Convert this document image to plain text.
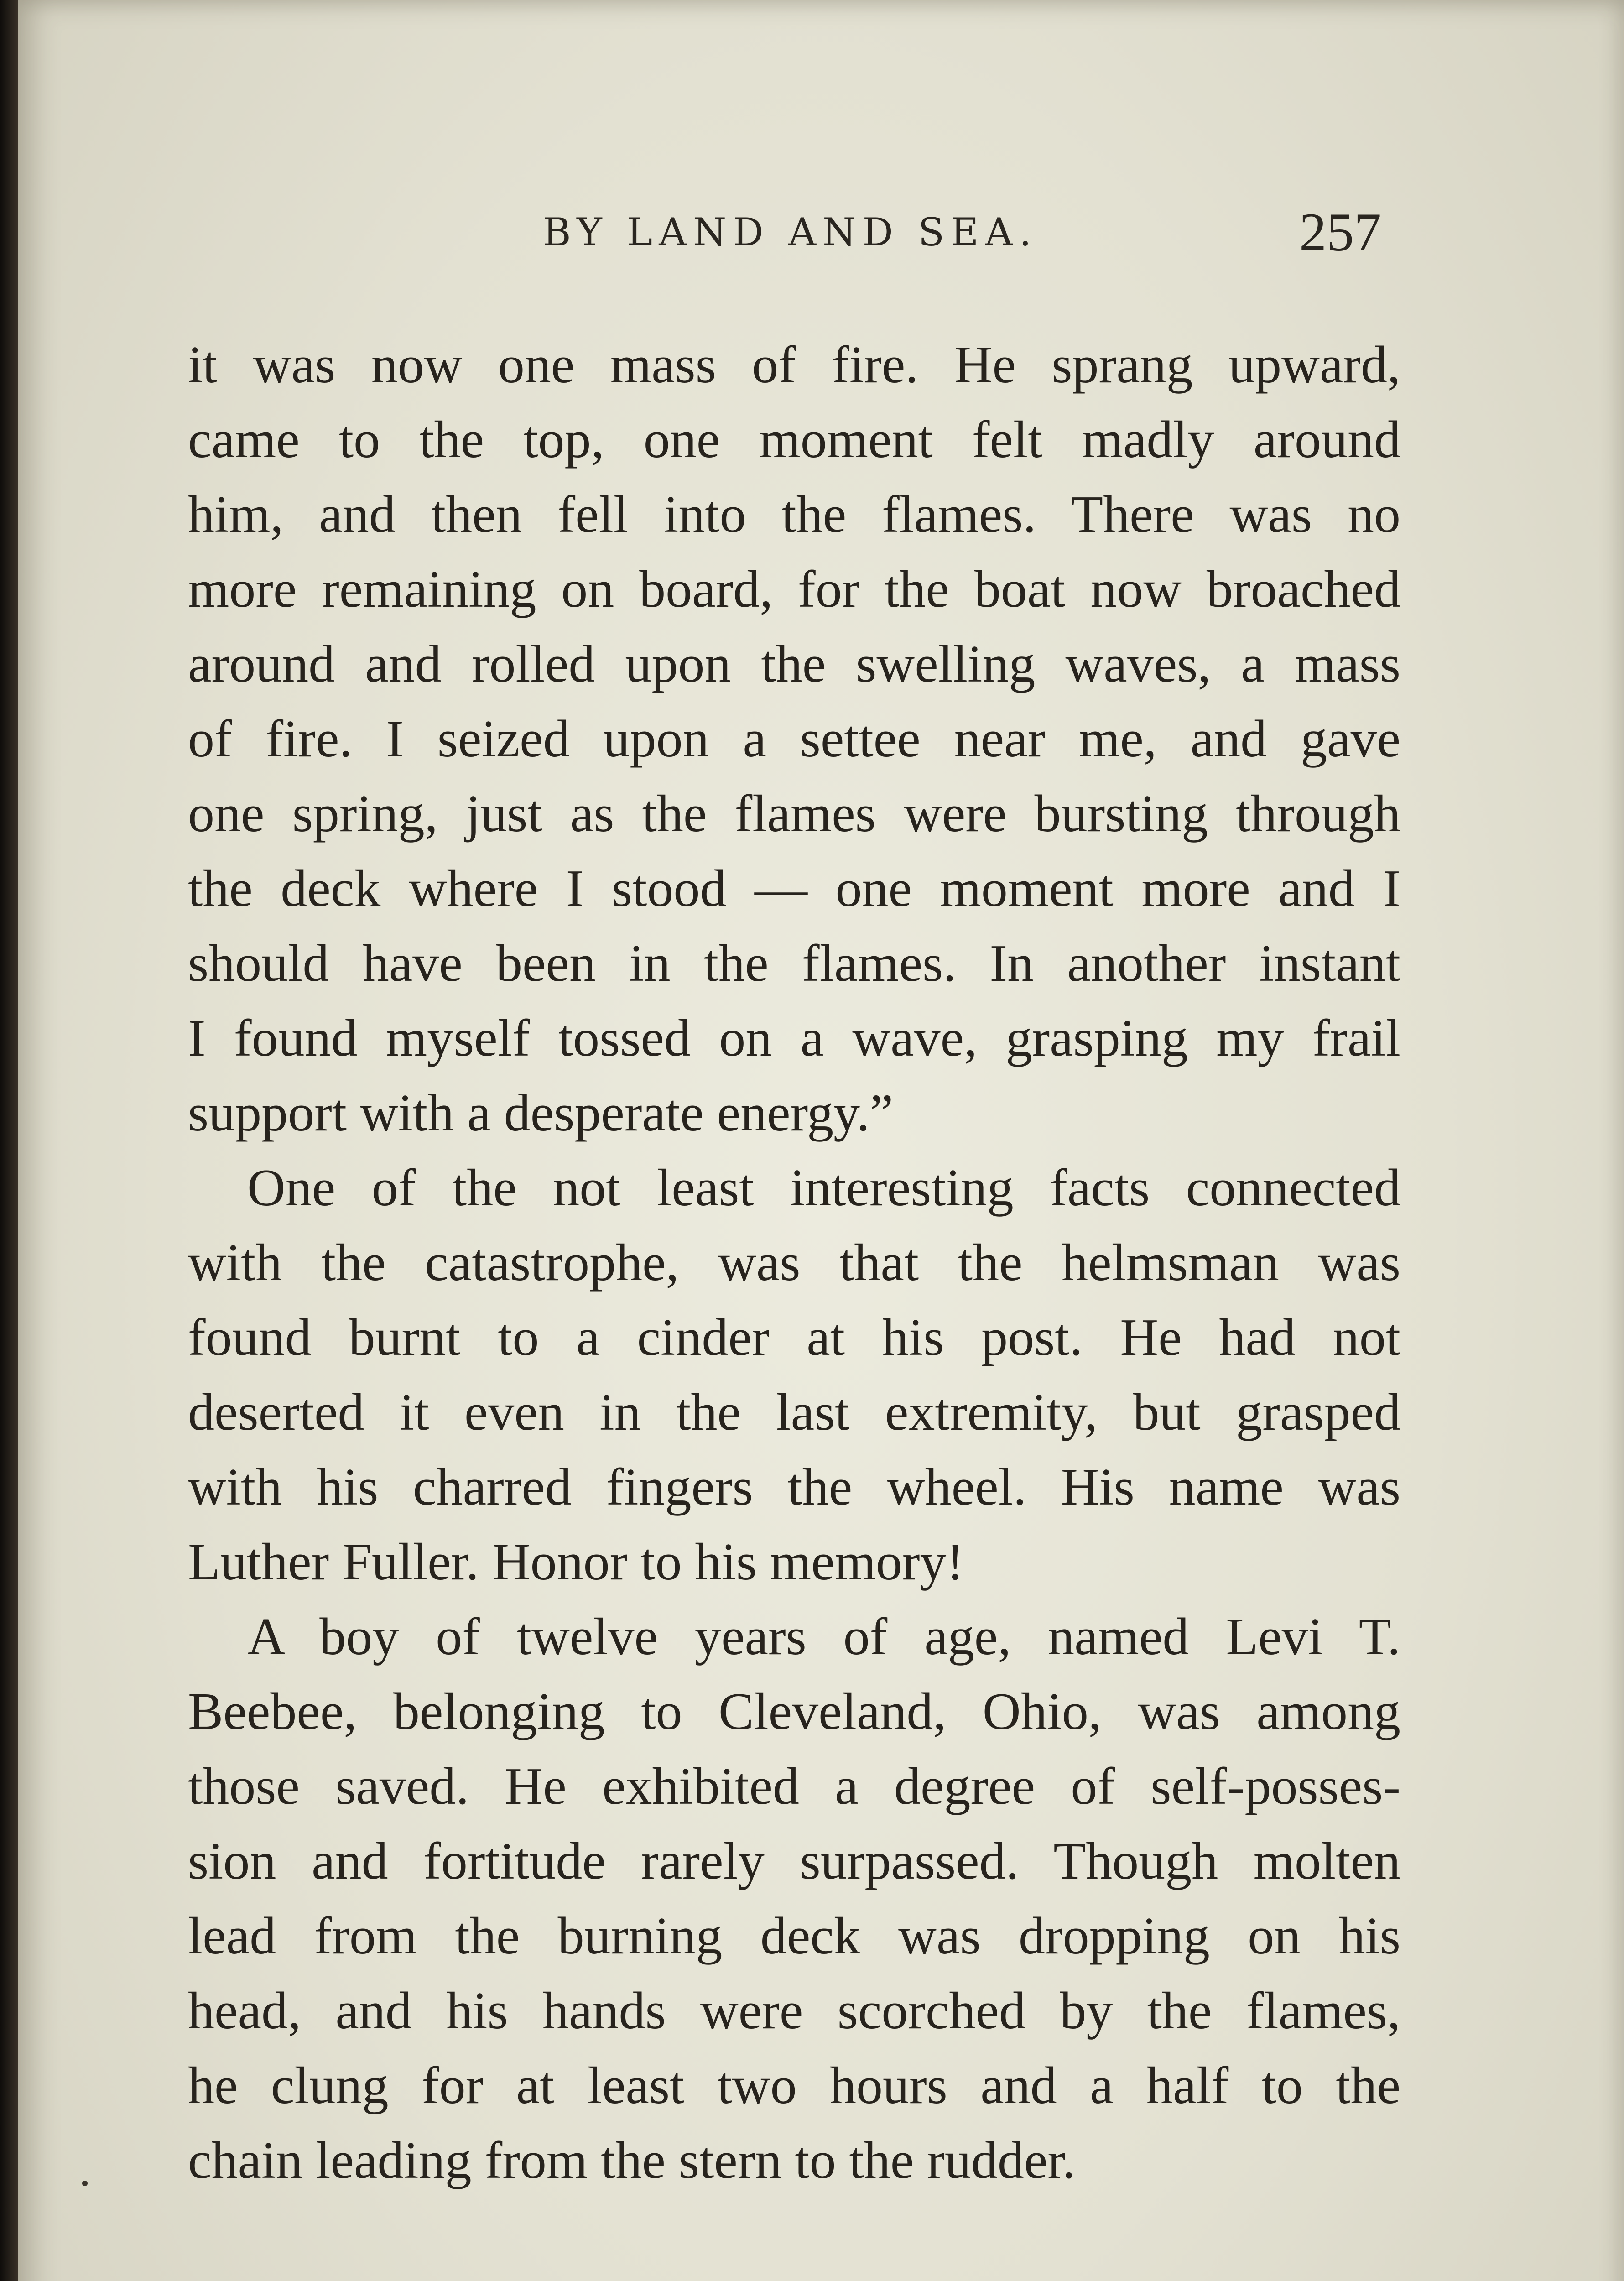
BY LAND AND SEA.	257
it was now one mass of fire. He sprang upward,
came to the top, one moment felt madly around
him, and then fell into the flames. There was no
more remaining on board, for the boat now broached
around and rolled upon the swelling waves, a mass
of fire. I seized upon a settee near me, and gave
one spring, just as the flames were bursting through
the deck where I stood — one moment more and I
should have been in the flames. In another instant
I found myself tossed on a wave, grasping my frail
support with a desperate energy.”
One of the not least interesting facts connected
with the catastrophe, was that the helmsman was
found burnt to a cinder at his post. He had not
deserted it even in the last extremity, but grasped
with his charred fingers the wheel. His name was
Luther Fuller. Honor to his memory!
A boy of twelve years of age, named Levi T.
Beebee, belonging to Cleveland, Ohio, was among
those saved. He exhibited a degree of self-posses-
sion and fortitude rarely surpassed. Though molten
lead from the burning deck was dropping on his
head, and his hands were scorched by the flames,
he clung for at least two hours and a half to the
chain leading from the stern to the rudder.
